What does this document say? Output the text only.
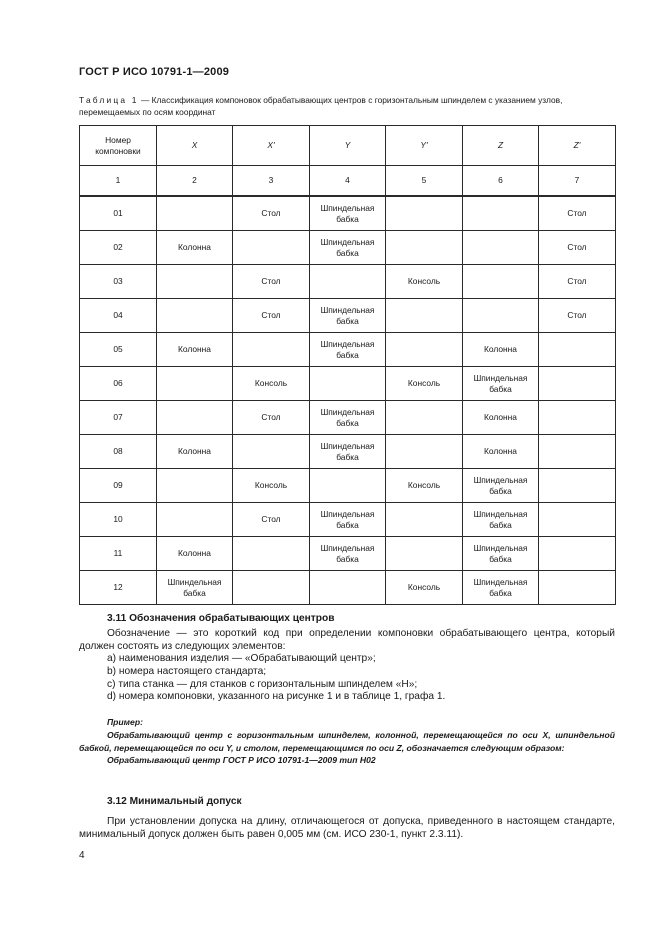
ГОСТ Р ИСО 10791-1—2009
Таблица 1 — Классификация компоновок обрабатывающих центров с горизонтальным шпинделем с указанием узлов, перемещаемых по осям координат
Номер компоновки	X	X'	Y	Y'	Z	Z'
1	2	3	4	5	6	7
01		Стол	Шпиндельная бабка			Стол
02	Колонна		Шпиндельная бабка			Стол
03		Стол		Консоль		Стол
04		Стол	Шпиндельная бабка			Стол
05	Колонна		Шпиндельная бабка		Колонна	
06		Консоль		Консоль	Шпиндельная бабка	
07		Стол	Шпиндельная бабка		Колонна	
08	Колонна		Шпиндельная бабка		Колонна	
09		Консоль		Консоль	Шпиндельная бабка	
10		Стол	Шпиндельная бабка		Шпиндельная бабка	
11	Колонна		Шпиндельная бабка		Шпиндельная бабка	
12	Шпиндельная бабка			Консоль	Шпиндельная бабка	
3.11 Обозначения обрабатывающих центров
Обозначение — это короткий код при определении компоновки обрабатывающего центра, который должен состоять из следующих элементов:
a) наименования изделия — «Обрабатывающий центр»;
b) номера настоящего стандарта;
c) типа станка — для станков с горизонтальным шпинделем «H»;
d) номера компоновки, указанного на рисунке 1 и в таблице 1, графа 1.
Пример:
Обрабатывающий центр с горизонтальным шпинделем, колонной, перемещающейся по оси X, шпиндельной бабкой, перемещающейся по оси Y, и столом, перемещающимся по оси Z, обозначается следующим образом:
Обрабатывающий центр ГОСТ Р ИСО 10791-1—2009 тип H02
3.12 Минимальный допуск
При установлении допуска на длину, отличающегося от допуска, приведенного в настоящем стандарте, минимальный допуск должен быть равен 0,005 мм (см. ИСО 230-1, пункт 2.3.11).
4
